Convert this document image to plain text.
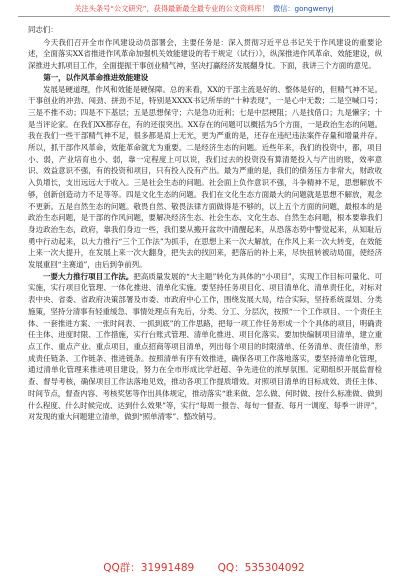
关注头条号“公文研究”，获得最新最全最专业的公文资料库！ 微信：gongwenyj

同志们：

今天我们召开全市作风建设动员部署会，主要任务是：深入贯彻习近平总书记关于作风建设的重要论述，全面落实XX省推进作风革命加强机关效能建设的若干规定（试行）》，纵深推进作风革命、效能建设，纵深推进大抓项目工作，全面提振干事创业精气神，坚决打赢经济发展翻身仗。下面，我讲三个方面的意见。

第一，以作风革命推进效能建设

发展是硬道理，作风和效能是硬保障。总的来看，XX的干部主流是好的、整体是好的，但精气神不足。干事创业的冲劲、闯劲、拼劲不足，特别是XXXX书记所举的“十种表现”，一是心中无数；二是空喊口号；三是不推不动；四是不下基层；五是思想保守；六是急功近利；七是中层梗阻；八是找借口；九是懒字；十是当评论家。在我们XX都存在，有的还很突出。XX存在的问题可以概括为5个方面，一是政治生态的问题。我在我们一些干部精气神不足，很多都是肩上无光，更为严重的是，还存在违纪违法案件存量和增量并存。所以，抓干部作风革命，效能革命就尤为重要。二是经济生态的问题。近些年来，我们的投资中，都，项目小、弱，产业培育也小、弱，靠一定程度上可以说，我们过去的投资没有算清楚投入与产出的账，效率意识、效益意识不强，有的投资和项目，只有投入没有产出。最为严重的是，我们的债务压力非常大，财政收入负增长，支出远远大于收入。三是社会生态的问题。社会面上负作意识不强，斗争精神不足，思想解放不够，创新创造动力不足等等。四是文化生态的问题。我们在文化生态方面最大的问题就是思想不解放，观念不更新。五是自然生态的问题。敬畏自然、敬畏法律方面做得是不够的，以上五个方面的问题，最根本的是政治生态问题，是干部的作风问题，要解决经济生态、社会生态、文化生态、自然生态问题，根本要靠我们身边政治生态，政府，靠我们身边一些，我们要从搬开盆坎中清醒起来，从恐落态势中警觉起来，从知耻后勇中行动起来，以大力推行“三个工作法”为抓手，在思想上来一次大解放，在作风上来一次大转变，在效能上来一次大提升，在发展上来一次大翻身，把失去的找回来，把落后的补上来，尽快扭转被动局面，使经济发展重回“主赛道”，由后到争前列。

一要大力推行项目工作法。把高质量发展的“大主题”转化为具体的“小项目”，实现工作目标可量化、可实施，实行项目化管理、一体化推进、清单化实施。要坚持任务项目化、项目清单化、清单责任化，对标对表中央、省委、省政府决策部署及市委、市政府中心工作，围绕发展大局，结合实际，坚持系统谋划、分类施策，坚持分清事有轻重缓急、事情处理点有先后，分类、分工、分层次，按照“一个工作项目、一个责任主体、一套推进方案、一张时间表、一抓到底”的工作思路，把每一项工作任务形成一个个具体的项目，明确责任主体、进度时限、工作措施，实行台账式管理、清单化推进、项目化落实。要加快编制项目清单，建立重点工作、重点产业、重点项目，重点招商等项目清单，列出每个项目的时限清单、任务清单、责任清单，形成责任链条、工作链条、推进链条。按照清单有序有效推进，确保各项工作落地落实，要坚持清单化管理，通过清单化管理来推进项目建设，努力在全市形成比学赶超、争先进位的浓厚氛围。定期组织开展监督检查、督导考核，确保项目工作法落地见效，推动各项工作提质增效。对照项目清单的目标成效、责任主体、时间节点，督查内容、考核奖惩等作出具体规定，推动落实“谁来做、怎么做、何时做、按什么标准做、做到什么程度、什么时候完成、达到什么效果”等，实行“每周一报告、每旬一督查、每月一调度、每季一讲评”，对发现的重大问题建立清单，做到“照单清零”、整改销号。

QQ群：31991489 QQ：535304092
